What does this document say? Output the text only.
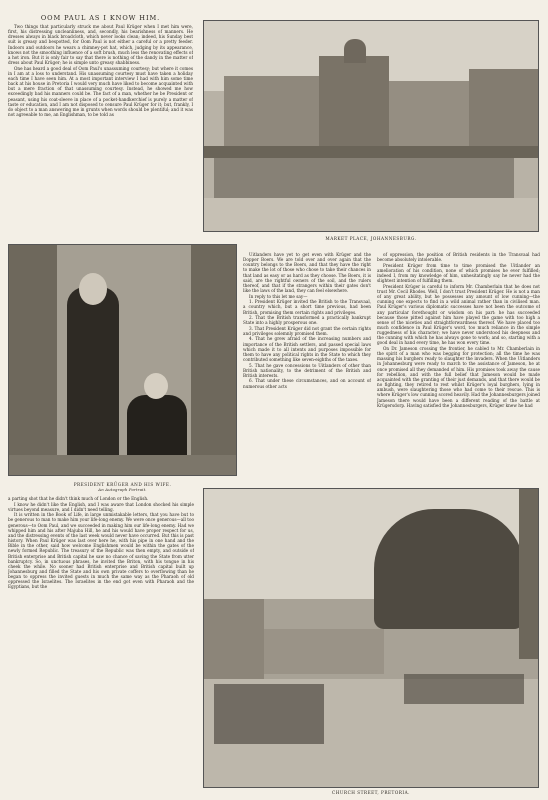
OOM PAUL AS I KNOW HIM.

Two things that particularly struck me about Paul Krüger when I met him were, first, his distressing uncleanliness, and, secondly, his bearishness of manners. He dresses always in black broadcloth, which never looks clean; indeed, his Sunday best suit is greasy and bespotted, for Oom Paul is not either a careful or a pretty feeder. Indoors and outdoors he wears a chimney-pot hat, which, judging by its appearance, knows not the smoothing influence of a soft brush, much less the renovating effects of a hot iron. But it is only fair to say that there is nothing of the dandy in the matter of dress about Paul Krüger; he is simple unto greasy shabbiness.

One has heard a good deal of Oom Paul's unassuming courtesy; but where it comes in I am at a loss to understand. His unassuming courtesy must have taken a holiday each time I have seen him. At a most important interview I had with him some time back at his house in Pretoria I would very much have liked to become acquainted with but a mere fraction of that unassuming courtesy. Instead, he showed me how exceedingly bad his manners could be. The fact of a man, whether he be President or peasant, using his coat-sleeve in place of a pocket-handkerchief is purely a matter of taste or education, and I am not disposed to censure Paul Krüger for it; but, frankly, I do object to a man answering me in grunts when words should be plentiful; and it was not agreeable to me, an Englishman, to be told as

MARKET PLACE, JOHANNESBURG.
PRESIDENT KRÜGER AND HIS WIFE.
An Autograph Portrait.

Uitlanders have yet to get even with Krüger and the Dopper Boers. We are told over and over again that the country belongs to the Boers, and that they have the right to make the lot of those who chose to take their chances in that land as easy or as hard as they choose. The Boers, it is said, are the rightful owners of the soil, and the rulers thereof, and that if the strangers within their gates don't like the laws of the land, they can feel elsewhere.

In reply to this let me say—

1. President Krüger invited the British to the Transvaal, a country which, but a short time previous, had been British, promising them certain rights and privileges.

2. That the British transformed a practically bankrupt State into a highly prosperous one.

3. That President Krüger did not grant the certain rights and privileges solemnly promised them.

4. That he grew afraid of the increasing numbers and importance of the British settlers, and passed special laws which made it to all intents and purposes impossible for them to have any political rights in the State to which they contributed something like seven-eighths of the taxes.

5. That he gave concessions to Uitlanders of other than British nationality, to the detriment of the British and British interests.

6. That under these circumstances, and on account of numerous other acts

of oppression, the position of British residents in the Transvaal had become absolutely intolerable.

President Krüger from time to time promised the Uitlander an amelioration of his condition, none of which promises he ever fulfilled; indeed I, from my knowledge of him, unhesitatingly say he never had the slightest intention of fulfilling them.

President Krüger is careful to inform Mr. Chamberlain that he does not trust Mr. Cecil Rhodes. Well, I don't trust President Krüger. He is not a man of any great ability, but he possesses any amount of low cunning—the cunning one expects to find in a wild animal rather than in civilised man. Paul Krüger's various diplomatic successes have not been the outcome of any particular forethought or wisdom on his part: he has succeeded because those pitted against him have played the game with too high a sense of the niceties and straightforwardness thereof. We have placed too much confidence in Paul Krüger's word, too much reliance in the simple ruggedness of his character; we have never understood his deepness and the cunning with which he has always gone to work; and so, starting with a good deal in hand every time, he has won every time.

On Dr. Jameson crossing the frontier, he cabled to Mr. Chamberlain in the spirit of a man who was begging for protection; all the time he was massing his burghers ready to slaughter the invaders. When the Uitlanders in Johannesburg were ready to march to the assistance of Jameson, he at once promised all they demanded of him. His promises took away the cause for rebellion, and with the full belief that Jameson would be made acquainted with the granting of their just demands, and that there would be no fighting, they retired to rest whilst Krüger's loyal burghers, lying in ambush, were slaughtering those who had come to their rescue. This is where Krüger's low cunning scored heavily. Had the Johannesburgers joined Jameson there would have been a different reading of the battle at Krügersdorp. Having satisfied the Johannesburgers, Krüger knew he had

a parting shot that he didn't think much of London or the English.

I know he didn't like the English, and I was aware that London shocked his simple virtues beyond measure, and I didn't need telling.

It is written in the Book of Life, in large unmistakable letters, that you have but to be generous to man to make him your life-long enemy. We were once generous—all too generous—to Oom Paul, and we succeeded in making him our life-long enemy. Had we whipped him and his after Majuba Hill, he and his would have proper respect for us, and the distressing events of the last week would never have occurred. But this is past history. When Paul Krüger was last over here he, with his pipe in one hand and the Bible in the other, said how welcome Englishmen would be within the gates of the newly formed Republic. The treasury of the Republic was then empty, and outside of British enterprise and British capital he saw no chance of saving the State from utter bankruptcy. So, in unctuous phrases, he invited the Briton, with his tongue in his cheek the while. No sooner had British enterprise and British capital built up Johannesburg and filled the State and his own private coffers to overflowing than he began to oppress the invited guests in much the same way as the Pharaoh of old oppressed the Israelites. The Israelites in the end got even with Pharaoh and the Egyptians, but the

CHURCH STREET, PRETORIA.
